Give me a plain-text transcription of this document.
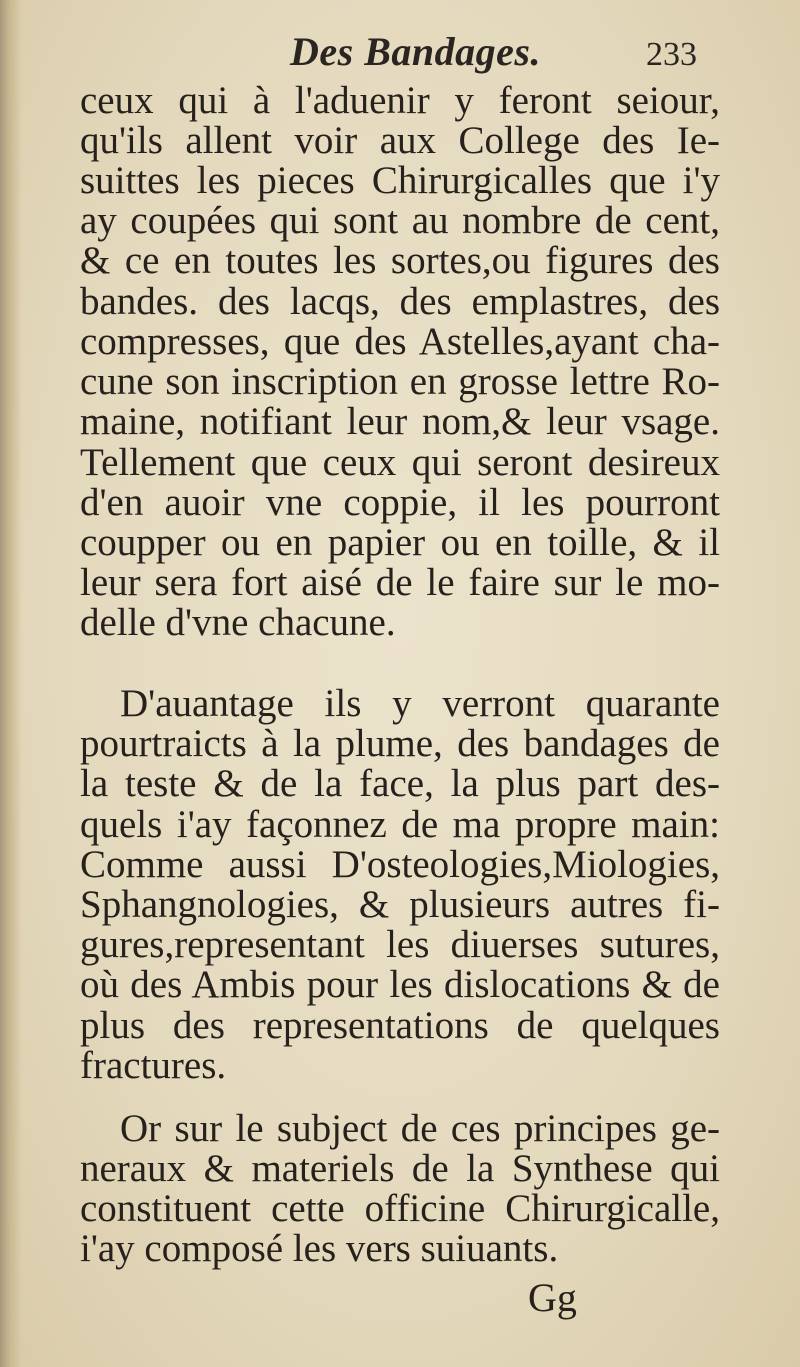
Des Bandages.	233
ceux qui à l'aduenir y feront seiour,
qu'ils allent voir aux College des Ie-
suittes les pieces Chirurgicalles que i'y
ay coupées qui sont au nombre de cent,
& ce en toutes les sortes,ou figures des
bandes. des lacqs, des emplastres, des
compresses, que des Astelles,ayant cha-
cune son inscription en grosse lettre Ro-
maine, notifiant leur nom,& leur vsage.
Tellement que ceux qui seront desireux
d'en auoir vne coppie, il les pourront
coupper ou en papier ou en toille, & il
leur sera fort aisé de le faire sur le mo-
delle d'vne chacune.
D'auantage ils y verront quarante
pourtraicts à la plume, des bandages de
la teste & de la face, la plus part des-
quels i'ay façonnez de ma propre main:
Comme aussi D'osteologies,Miologies,
Sphangnologies, & plusieurs autres fi-
gures,representant les diuerses sutures,
où des Ambis pour les dislocations & de
plus des representations de quelques
fractures.
Or sur le subject de ces principes ge-
neraux & materiels de la Synthese qui
constituent cette officine Chirurgicalle,
i'ay composé les vers suiuants.
Gg
